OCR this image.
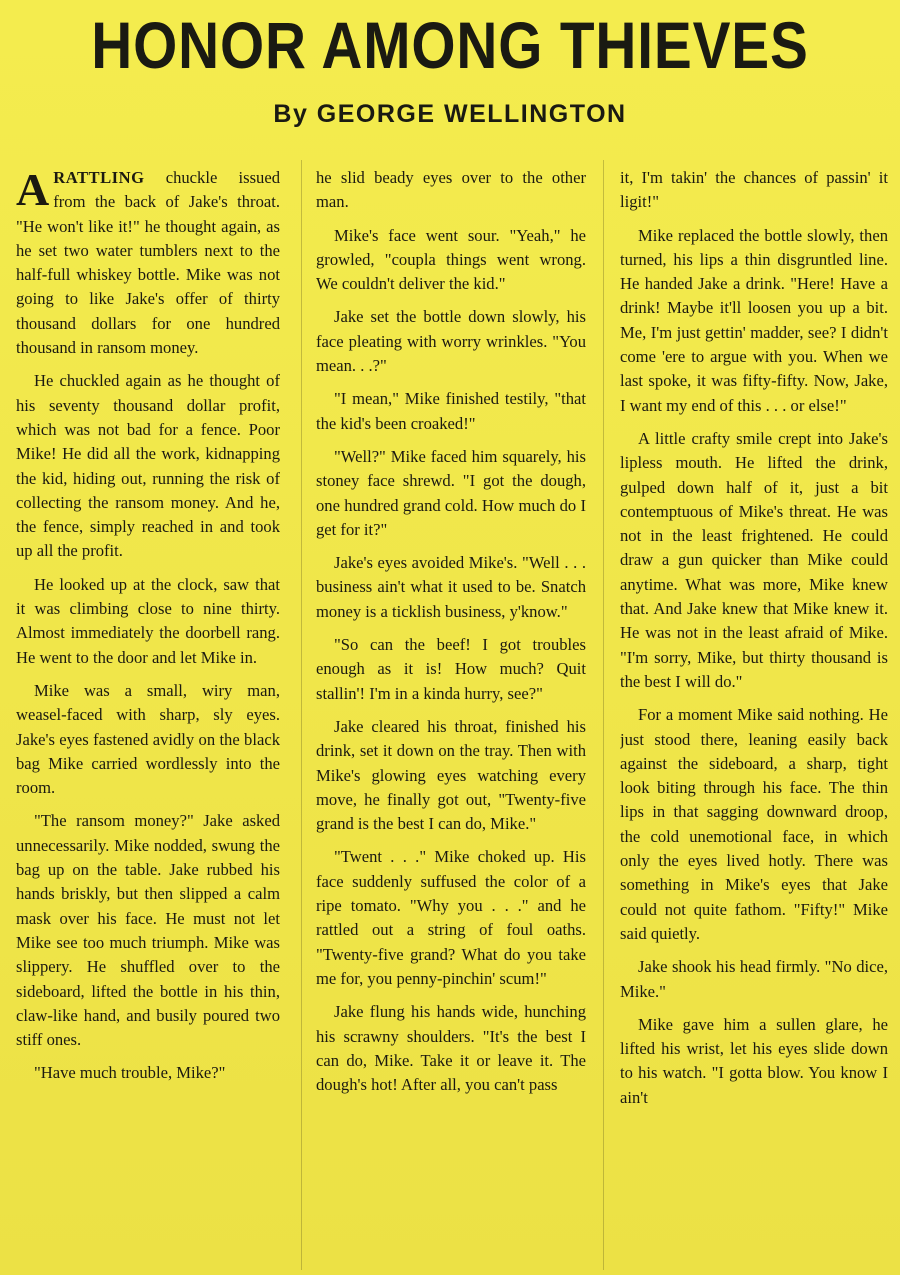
HONOR AMONG THIEVES
By GEORGE WELLINGTON

ARATTLING chuckle issued from the back of Jake's throat. "He won't like it!" he thought again, as he set two water tumblers next to the half-full whiskey bottle. Mike was not going to like Jake's offer of thirty thousand dollars for one hundred thousand in ransom money.

He chuckled again as he thought of his seventy thousand dollar profit, which was not bad for a fence. Poor Mike! He did all the work, kidnapping the kid, hiding out, running the risk of collecting the ransom money. And he, the fence, simply reached in and took up all the profit.

He looked up at the clock, saw that it was climbing close to nine thirty. Almost immediately the doorbell rang. He went to the door and let Mike in.

Mike was a small, wiry man, weasel-faced with sharp, sly eyes. Jake's eyes fastened avidly on the black bag Mike carried wordlessly into the room.

"The ransom money?" Jake asked unnecessarily. Mike nodded, swung the bag up on the table. Jake rubbed his hands briskly, but then slipped a calm mask over his face. He must not let Mike see too much triumph. Mike was slippery. He shuffled over to the sideboard, lifted the bottle in his thin, claw-like hand, and busily poured two stiff ones.

"Have much trouble, Mike?"

he slid beady eyes over to the other man.

Mike's face went sour. "Yeah," he growled, "coupla things went wrong. We couldn't deliver the kid."

Jake set the bottle down slowly, his face pleating with worry wrinkles. "You mean. . .?"

"I mean," Mike finished testily, "that the kid's been croaked!"

"Well?" Mike faced him squarely, his stoney face shrewd. "I got the dough, one hundred grand cold. How much do I get for it?"

Jake's eyes avoided Mike's. "Well . . . business ain't what it used to be. Snatch money is a ticklish business, y'know."

"So can the beef! I got troubles enough as it is! How much? Quit stallin'! I'm in a kinda hurry, see?"

Jake cleared his throat, finished his drink, set it down on the tray. Then with Mike's glowing eyes watching every move, he finally got out, "Twenty-five grand is the best I can do, Mike."

"Twent . . ." Mike choked up. His face suddenly suffused the color of a ripe tomato. "Why you . . ." and he rattled out a string of foul oaths. "Twenty-five grand? What do you take me for, you penny-pinchin' scum!"

Jake flung his hands wide, hunching his scrawny shoulders. "It's the best I can do, Mike. Take it or leave it. The dough's hot! After all, you can't pass

it, I'm takin' the chances of passin' it ligit!"

Mike replaced the bottle slowly, then turned, his lips a thin disgruntled line. He handed Jake a drink. "Here! Have a drink! Maybe it'll loosen you up a bit. Me, I'm just gettin' madder, see? I didn't come 'ere to argue with you. When we last spoke, it was fifty-fifty. Now, Jake, I want my end of this . . . or else!"

A little crafty smile crept into Jake's lipless mouth. He lifted the drink, gulped down half of it, just a bit contemptuous of Mike's threat. He was not in the least frightened. He could draw a gun quicker than Mike could anytime. What was more, Mike knew that. And Jake knew that Mike knew it. He was not in the least afraid of Mike. "I'm sorry, Mike, but thirty thousand is the best I will do."

For a moment Mike said nothing. He just stood there, leaning easily back against the sideboard, a sharp, tight look biting through his face. The thin lips in that sagging downward droop, the cold unemotional face, in which only the eyes lived hotly. There was something in Mike's eyes that Jake could not quite fathom. "Fifty!" Mike said quietly.

Jake shook his head firmly. "No dice, Mike."

Mike gave him a sullen glare, he lifted his wrist, let his eyes slide down to his watch. "I gotta blow. You know I ain't
